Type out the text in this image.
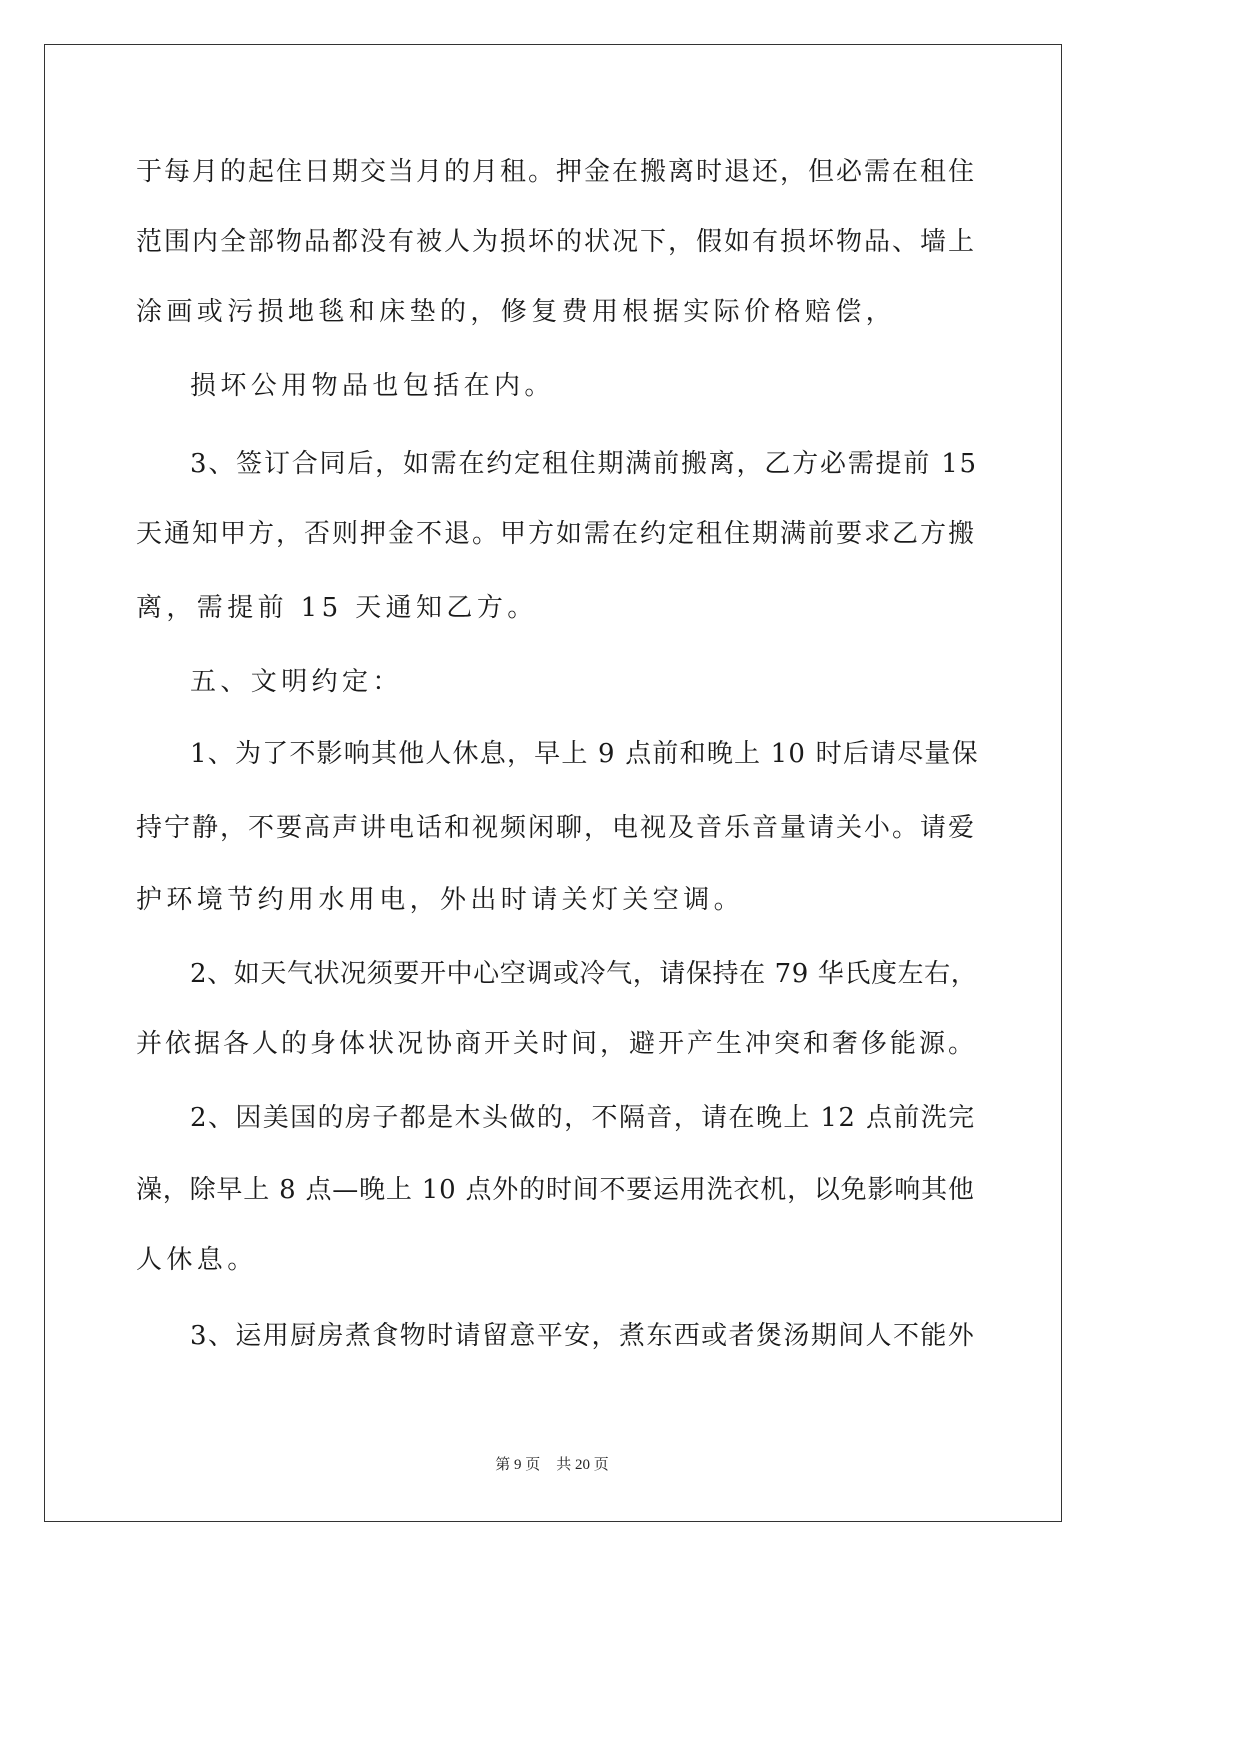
于每月的起住日期交当月的月租。押金在搬离时退还，但必需在租住

范围内全部物品都没有被人为损坏的状况下，假如有损坏物品、墙上

涂画或污损地毯和床垫的，修复费用根据实际价格赔偿，

损坏公用物品也包括在内。

3、签订合同后，如需在约定租住期满前搬离，乙方必需提前 15

天通知甲方，否则押金不退。甲方如需在约定租住期满前要求乙方搬

离，需提前 15 天通知乙方。

五、文明约定：

1、为了不影响其他人休息，早上 9 点前和晚上 10 时后请尽量保

持宁静，不要高声讲电话和视频闲聊，电视及音乐音量请关小。请爱

护环境节约用水用电，外出时请关灯关空调。

2、如天气状况须要开中心空调或冷气，请保持在 79 华氏度左右，

并依据各人的身体状况协商开关时间，避开产生冲突和奢侈能源。

2、因美国的房子都是木头做的，不隔音，请在晚上 12 点前洗完

澡，除早上 8 点—晚上 10 点外的时间不要运用洗衣机，以免影响其他

人休息。

3、运用厨房煮食物时请留意平安，煮东西或者煲汤期间人不能外

第 9 页 共 20 页
